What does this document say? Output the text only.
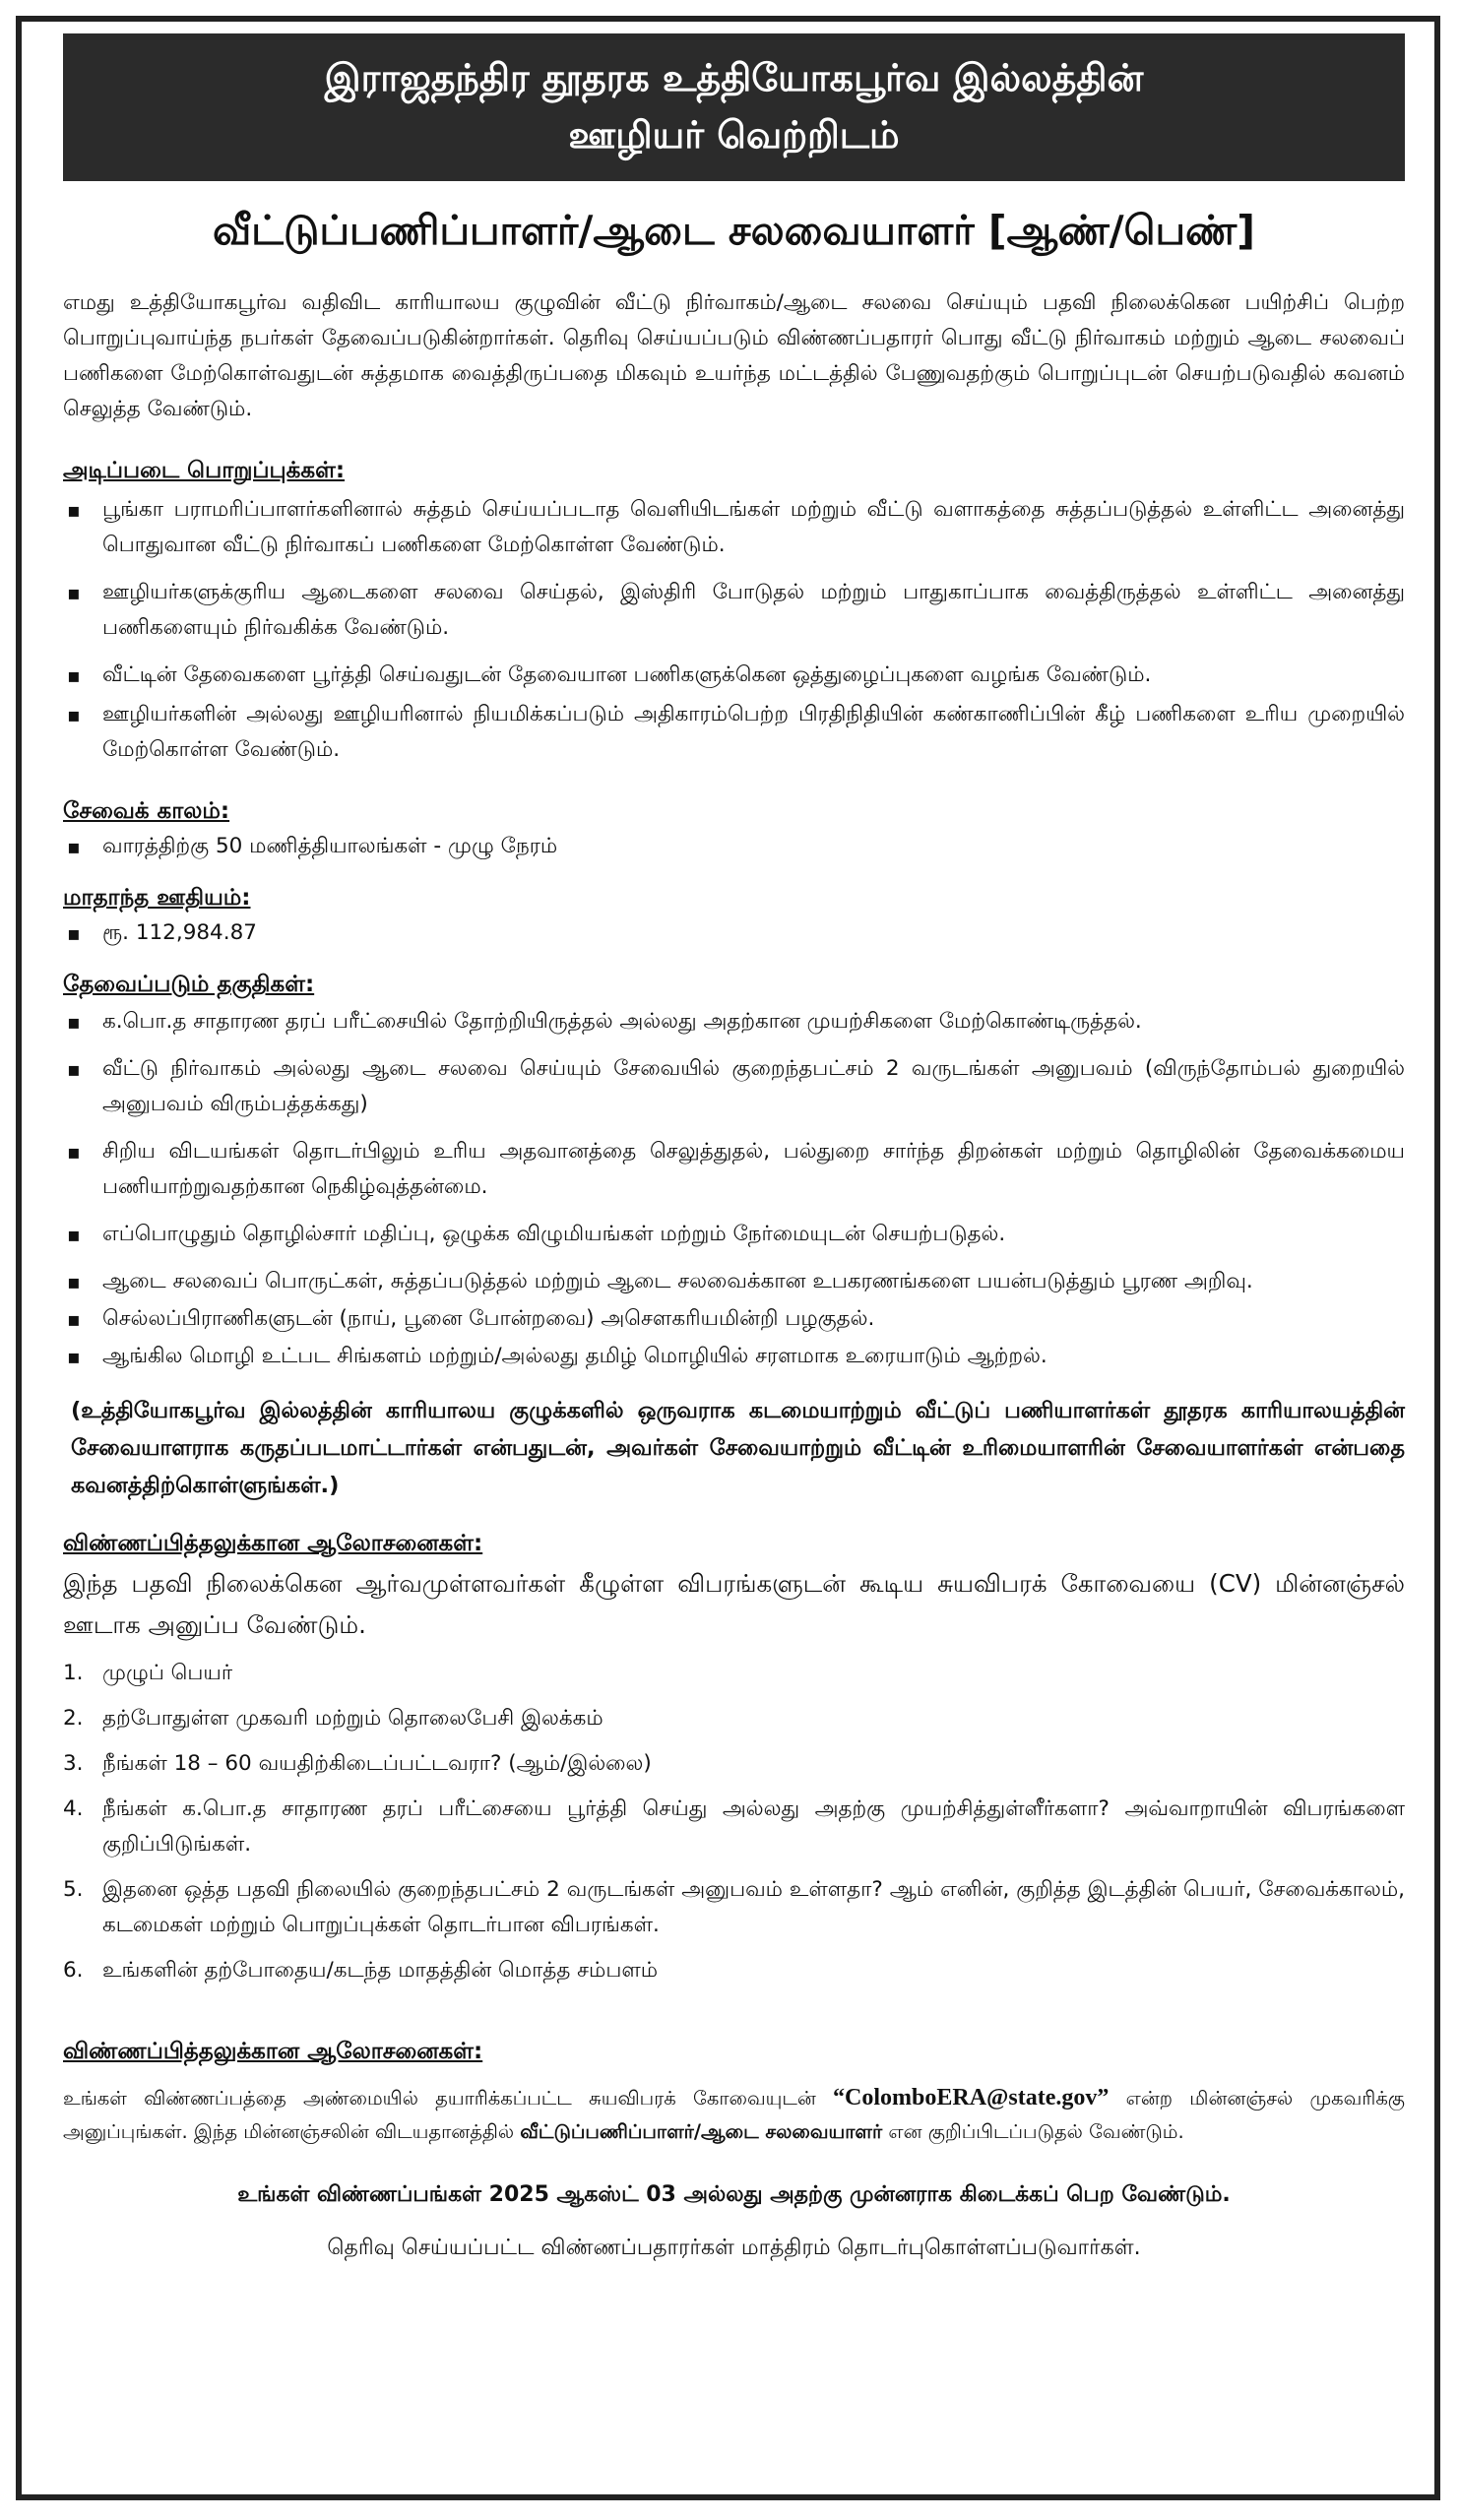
இராஜதந்திர தூதரக உத்தியோகபூர்வ இல்லத்தின்
ஊழியர் வெற்றிடம்
வீட்டுப்பணிப்பாளர்/ஆடை சலவையாளர் [ஆண்/பெண்]

எமது உத்தியோகபூர்வ வதிவிட காரியாலய குழுவின் வீட்டு நிர்வாகம்/ஆடை சலவை செய்யும் பதவி நிலைக்கென பயிற்சிப் பெற்ற பொறுப்புவாய்ந்த நபர்கள் தேவைப்படுகின்றார்கள். தெரிவு செய்யப்படும் விண்ணப்பதாரர் பொது வீட்டு நிர்வாகம் மற்றும் ஆடை சலவைப் பணிகளை மேற்கொள்வதுடன் சுத்தமாக வைத்திருப்பதை மிகவும் உயர்ந்த மட்டத்தில் பேணுவதற்கும் பொறுப்புடன் செயற்படுவதில் கவனம் செலுத்த வேண்டும்.

அடிப்படை பொறுப்புக்கள்:
▪ பூங்கா பராமரிப்பாளர்களினால் சுத்தம் செய்யப்படாத வெளியிடங்கள் மற்றும் வீட்டு வளாகத்தை சுத்தப்படுத்தல் உள்ளிட்ட அனைத்து பொதுவான வீட்டு நிர்வாகப் பணிகளை மேற்கொள்ள வேண்டும்.
▪ ஊழியர்களுக்குரிய ஆடைகளை சலவை செய்தல், இஸ்திரி போடுதல் மற்றும் பாதுகாப்பாக வைத்திருத்தல் உள்ளிட்ட அனைத்து பணிகளையும் நிர்வகிக்க வேண்டும்.
▪ வீட்டின் தேவைகளை பூர்த்தி செய்வதுடன் தேவையான பணிகளுக்கென ஒத்துழைப்புகளை வழங்க வேண்டும்.
▪ ஊழியர்களின் அல்லது ஊழியரினால் நியமிக்கப்படும் அதிகாரம்பெற்ற பிரதிநிதியின் கண்காணிப்பின் கீழ் பணிகளை உரிய முறையில் மேற்கொள்ள வேண்டும்.
சேவைக் காலம்:
▪ வாரத்திற்கு 50 மணித்தியாலங்கள் - முழு நேரம்
மாதாந்த ஊதியம்:
▪ ரூ. 112,984.87
தேவைப்படும் தகுதிகள்:
▪ க.பொ.த சாதாரண தரப் பரீட்சையில் தோற்றியிருத்தல் அல்லது அதற்கான முயற்சிகளை மேற்கொண்டிருத்தல்.
▪ வீட்டு நிர்வாகம் அல்லது ஆடை சலவை செய்யும் சேவையில் குறைந்தபட்சம் 2 வருடங்கள் அனுபவம் (விருந்தோம்பல் துறையில் அனுபவம் விரும்பத்தக்கது)
▪ சிறிய விடயங்கள் தொடர்பிலும் உரிய அதவானத்தை செலுத்துதல், பல்துறை சார்ந்த திறன்கள் மற்றும் தொழிலின் தேவைக்கமைய பணியாற்றுவதற்கான நெகிழ்வுத்தன்மை.
▪ எப்பொழுதும் தொழில்சார் மதிப்பு, ஒழுக்க விழுமியங்கள் மற்றும் நேர்மையுடன் செயற்படுதல்.
▪ ஆடை சலவைப் பொருட்கள், சுத்தப்படுத்தல் மற்றும் ஆடை சலவைக்கான உபகரணங்களை பயன்படுத்தும் பூரண அறிவு.
▪ செல்லப்பிராணிகளுடன் (நாய், பூனை போன்றவை) அசௌகரியமின்றி பழகுதல்.
▪ ஆங்கில மொழி உட்பட சிங்களம் மற்றும்/அல்லது தமிழ் மொழியில் சரளமாக உரையாடும் ஆற்றல்.

(உத்தியோகபூர்வ இல்லத்தின் காரியாலய குழுக்களில் ஒருவராக கடமையாற்றும் வீட்டுப் பணியாளர்கள் தூதரக காரியாலயத்தின் சேவையாளராக கருதப்படமாட்டார்கள் என்பதுடன், அவர்கள் சேவையாற்றும் வீட்டின் உரிமையாளரின் சேவையாளர்கள் என்பதை கவனத்திற்கொள்ளுங்கள்.)

விண்ணப்பித்தலுக்கான ஆலோசனைகள்:

இந்த பதவி நிலைக்கென ஆர்வமுள்ளவர்கள் கீழுள்ள விபரங்களுடன் கூடிய சுயவிபரக் கோவையை (CV) மின்னஞ்சல் ஊடாக அனுப்ப வேண்டும்.

1. முழுப் பெயர்
2. தற்போதுள்ள முகவரி மற்றும் தொலைபேசி இலக்கம்
3. நீங்கள் 18 – 60 வயதிற்கிடைப்பட்டவரா? (ஆம்/இல்லை)
4. நீங்கள் க.பொ.த சாதாரண தரப் பரீட்சையை பூர்த்தி செய்து அல்லது அதற்கு முயற்சித்துள்ளீர்களா? அவ்வாறாயின் விபரங்களை குறிப்பிடுங்கள்.
5. இதனை ஒத்த பதவி நிலையில் குறைந்தபட்சம் 2 வருடங்கள் அனுபவம் உள்ளதா? ஆம் எனின், குறித்த இடத்தின் பெயர், சேவைக்காலம், கடமைகள் மற்றும் பொறுப்புக்கள் தொடர்பான விபரங்கள்.
6. உங்களின் தற்போதைய/கடந்த மாதத்தின் மொத்த சம்பளம்
விண்ணப்பித்தலுக்கான ஆலோசனைகள்:

உங்கள் விண்ணப்பத்தை அண்மையில் தயாரிக்கப்பட்ட சுயவிபரக் கோவையுடன் “ColomboERA@state.gov” என்ற மின்னஞ்சல் முகவரிக்கு அனுப்புங்கள். இந்த மின்னஞ்சலின் விடயதானத்தில் வீட்டுப்பணிப்பாளர்/ஆடை சலவையாளர் என குறிப்பிடப்படுதல் வேண்டும்.

உங்கள் விண்ணப்பங்கள் 2025 ஆகஸ்ட் 03 அல்லது அதற்கு முன்னராக கிடைக்கப் பெற வேண்டும்.
தெரிவு செய்யப்பட்ட விண்ணப்பதாரர்கள் மாத்திரம் தொடர்புகொள்ளப்படுவார்கள்.
